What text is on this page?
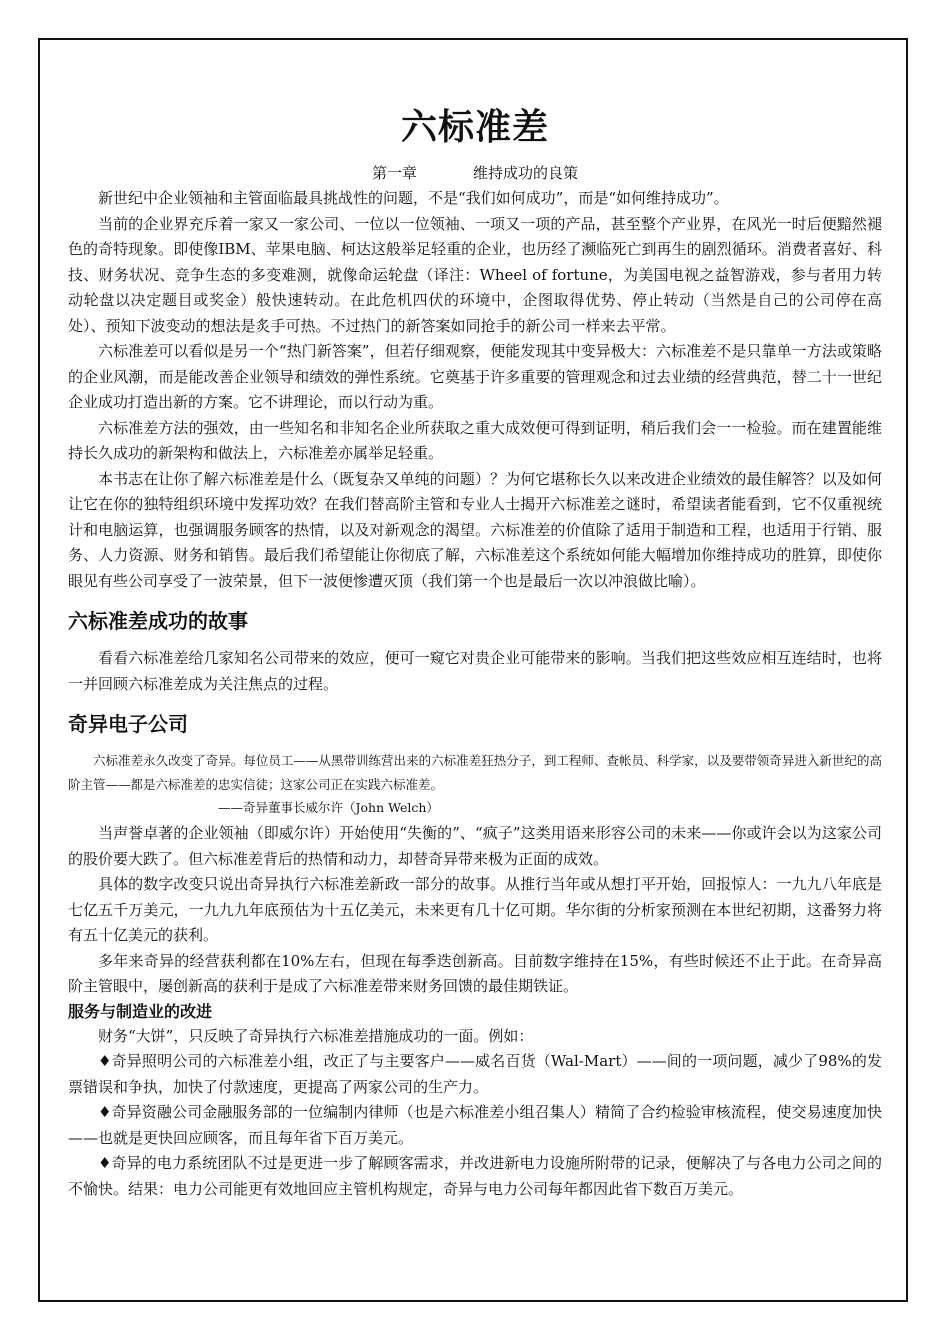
六标准差

第一章	维持成功的良策

新世纪中企业领袖和主管面临最具挑战性的问题，不是“我们如何成功”，而是“如何维持成功”。

当前的企业界充斥着一家又一家公司、一位以一位领袖、一项又一项的产品，甚至整个产业界，在风光一时后便黯然褪色的奇特现象。即使像IBM、苹果电脑、柯达这般举足轻重的企业，也历经了濒临死亡到再生的剧烈循环。消费者喜好、科技、财务状况、竞争生态的多变难测，就像命运轮盘（译注：Wheel of fortune，为美国电视之益智游戏，参与者用力转动轮盘以决定题目或奖金）般快速转动。在此危机四伏的环境中，企图取得优势、停止转动（当然是自己的公司停在高处）、预知下波变动的想法是炙手可热。不过热门的新答案如同抢手的新公司一样来去平常。

六标准差可以看似是另一个“热门新答案”，但若仔细观察，便能发现其中变异极大：六标准差不是只靠单一方法或策略的企业风潮，而是能改善企业领导和绩效的弹性系统。它奠基于许多重要的管理观念和过去业绩的经营典范，替二十一世纪企业成功打造出新的方案。它不讲理论，而以行动为重。

六标准差方法的强效，由一些知名和非知名企业所获取之重大成效便可得到证明，稍后我们会一一检验。而在建置能维持长久成功的新架构和做法上，六标准差亦属举足轻重。

本书志在让你了解六标准差是什么（既复杂又单纯的问题）？为何它堪称长久以来改进企业绩效的最佳解答？以及如何让它在你的独特组织环境中发挥功效？在我们替高阶主管和专业人士揭开六标准差之谜时，希望读者能看到，它不仅重视统计和电脑运算，也强调服务顾客的热情，以及对新观念的渴望。六标准差的价值除了适用于制造和工程，也适用于行销、服务、人力资源、财务和销售。最后我们希望能让你彻底了解，六标准差这个系统如何能大幅增加你维持成功的胜算，即使你眼见有些公司享受了一波荣景，但下一波便惨遭灭顶（我们第一个也是最后一次以冲浪做比喻）。

六标准差成功的故事

看看六标准差给几家知名公司带来的效应，便可一窥它对贵企业可能带来的影响。当我们把这些效应相互连结时，也将一并回顾六标准差成为关注焦点的过程。

奇异电子公司

六标准差永久改变了奇异。每位员工——从黑带训练营出来的六标准差狂热分子，到工程师、查帐员、科学家，以及要带领奇异进入新世纪的高阶主管——都是六标准差的忠实信徒；这家公司正在实践六标准差。

——奇异董事长威尔许（John Welch）

当声誉卓著的企业领袖（即威尔许）开始使用“失衡的”、“疯子”这类用语来形容公司的未来——你或许会以为这家公司的股价要大跌了。但六标准差背后的热情和动力，却替奇异带来极为正面的成效。

具体的数字改变只说出奇异执行六标准差新政一部分的故事。从推行当年或从想打平开始，回报惊人：一九九八年底是七亿五千万美元，一九九九年底预估为十五亿美元，未来更有几十亿可期。华尔街的分析家预测在本世纪初期，这番努力将有五十亿美元的获利。

多年来奇异的经营获利都在10%左右，但现在每季迭创新高。目前数字维持在15%，有些时候还不止于此。在奇异高阶主管眼中，屡创新高的获利于是成了六标准差带来财务回馈的最佳期铁证。

服务与制造业的改进

财务“大饼”，只反映了奇异执行六标准差措施成功的一面。例如：

♦奇异照明公司的六标准差小组，改正了与主要客户——威名百货（Wal-Mart）——间的一项问题，减少了98%的发票错误和争执，加快了付款速度，更提高了两家公司的生产力。

♦奇异资融公司金融服务部的一位编制内律师（也是六标准差小组召集人）精简了合约检验审核流程，使交易速度加快——也就是更快回应顾客，而且每年省下百万美元。

♦奇异的电力系统团队不过是更进一步了解顾客需求，并改进新电力设施所附带的记录，便解决了与各电力公司之间的不愉快。结果：电力公司能更有效地回应主管机构规定，奇异与电力公司每年都因此省下数百万美元。
